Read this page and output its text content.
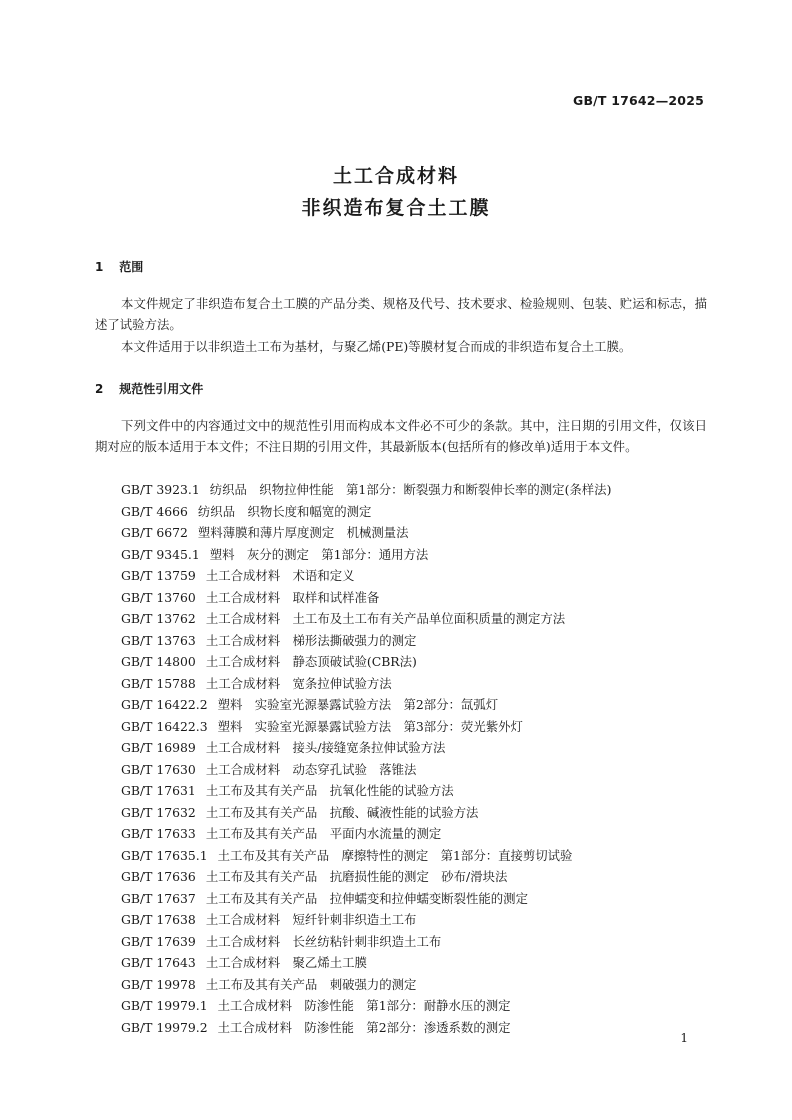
GB/T 17642—2025
土工合成材料
非织造布复合土工膜
1 范围

本文件规定了非织造布复合土工膜的产品分类、规格及代号、技术要求、检验规则、包装、贮运和标志，描述了试验方法。

本文件适用于以非织造土工布为基材，与聚乙烯(PE)等膜材复合而成的非织造布复合土工膜。

2 规范性引用文件

下列文件中的内容通过文中的规范性引用而构成本文件必不可少的条款。其中，注日期的引用文件，仅该日期对应的版本适用于本文件；不注日期的引用文件，其最新版本(包括所有的修改单)适用于本文件。

GB/T 3923.1 纺织品　织物拉伸性能　第1部分：断裂强力和断裂伸长率的测定(条样法)
GB/T 4666 纺织品　织物长度和幅宽的测定
GB/T 6672 塑料薄膜和薄片厚度测定　机械测量法
GB/T 9345.1 塑料　灰分的测定　第1部分：通用方法
GB/T 13759 土工合成材料　术语和定义
GB/T 13760 土工合成材料　取样和试样准备
GB/T 13762 土工合成材料　土工布及土工布有关产品单位面积质量的测定方法
GB/T 13763 土工合成材料　梯形法撕破强力的测定
GB/T 14800 土工合成材料　静态顶破试验(CBR法)
GB/T 15788 土工合成材料　宽条拉伸试验方法
GB/T 16422.2 塑料　实验室光源暴露试验方法　第2部分：氙弧灯
GB/T 16422.3 塑料　实验室光源暴露试验方法　第3部分：荧光紫外灯
GB/T 16989 土工合成材料　接头/接缝宽条拉伸试验方法
GB/T 17630 土工合成材料　动态穿孔试验　落锥法
GB/T 17631 土工布及其有关产品　抗氧化性能的试验方法
GB/T 17632 土工布及其有关产品　抗酸、碱液性能的试验方法
GB/T 17633 土工布及其有关产品　平面内水流量的测定
GB/T 17635.1 土工布及其有关产品　摩擦特性的测定　第1部分：直接剪切试验
GB/T 17636 土工布及其有关产品　抗磨损性能的测定　砂布/滑块法
GB/T 17637 土工布及其有关产品　拉伸蠕变和拉伸蠕变断裂性能的测定
GB/T 17638 土工合成材料　短纤针刺非织造土工布
GB/T 17639 土工合成材料　长丝纺粘针刺非织造土工布
GB/T 17643 土工合成材料　聚乙烯土工膜
GB/T 19978 土工布及其有关产品　刺破强力的测定
GB/T 19979.1 土工合成材料　防渗性能　第1部分：耐静水压的测定
GB/T 19979.2 土工合成材料　防渗性能　第2部分：渗透系数的测定
1
